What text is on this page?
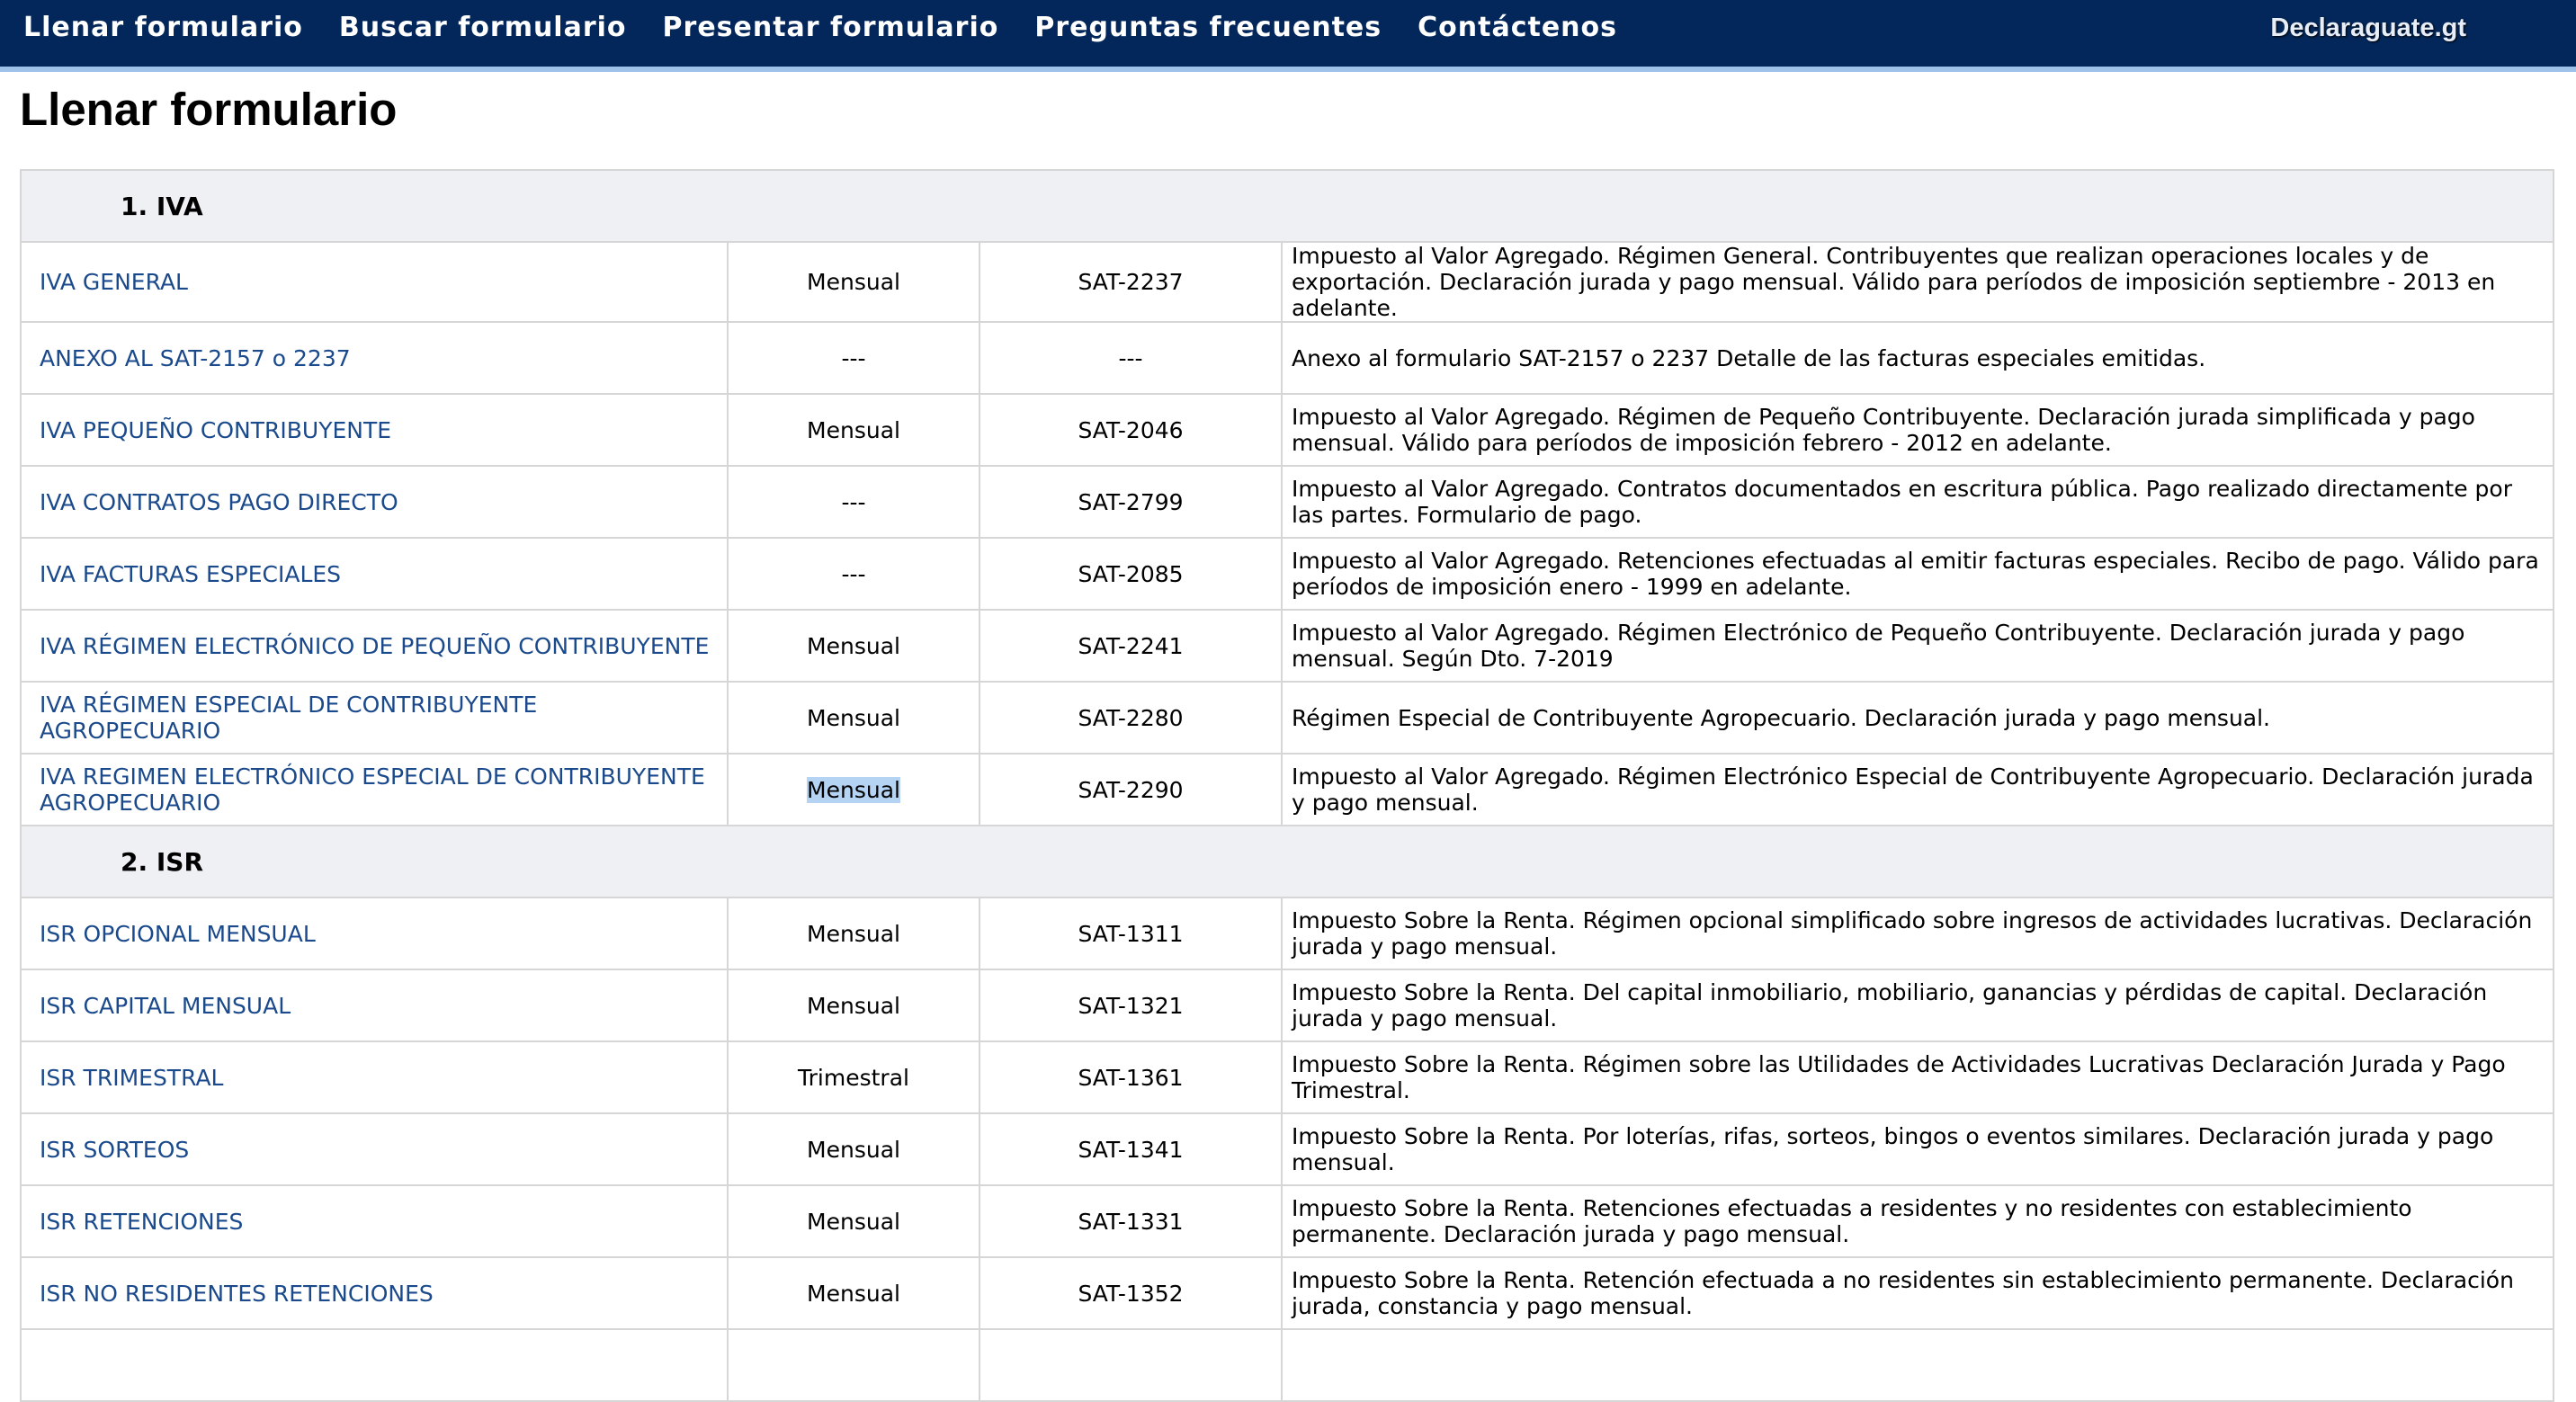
Llenar formulario Buscar formulario Presentar formulario Preguntas frecuentes Contáctenos	Declaraguate.gt
Llenar formulario
1. IVA			
IVA GENERAL	Mensual	SAT-2237	Impuesto al Valor Agregado. Régimen General. Contribuyentes que realizan operaciones locales y de exportación. Declaración jurada y pago mensual. Válido para períodos de imposición septiembre - 2013 en adelante.
ANEXO AL SAT-2157 o 2237	---	---	Anexo al formulario SAT-2157 o 2237 Detalle de las facturas especiales emitidas.
IVA PEQUEÑO CONTRIBUYENTE	Mensual	SAT-2046	Impuesto al Valor Agregado. Régimen de Pequeño Contribuyente. Declaración jurada simplificada y pago mensual. Válido para períodos de imposición febrero - 2012 en adelante.
IVA CONTRATOS PAGO DIRECTO	---	SAT-2799	Impuesto al Valor Agregado. Contratos documentados en escritura pública. Pago realizado directamente por las partes. Formulario de pago.
IVA FACTURAS ESPECIALES	---	SAT-2085	Impuesto al Valor Agregado. Retenciones efectuadas al emitir facturas especiales. Recibo de pago. Válido para períodos de imposición enero - 1999 en adelante.
IVA RÉGIMEN ELECTRÓNICO DE PEQUEÑO CONTRIBUYENTE	Mensual	SAT-2241	Impuesto al Valor Agregado. Régimen Electrónico de Pequeño Contribuyente. Declaración jurada y pago mensual. Según Dto. 7-2019
IVA RÉGIMEN ESPECIAL DE CONTRIBUYENTE AGROPECUARIO	Mensual	SAT-2280	Régimen Especial de Contribuyente Agropecuario. Declaración jurada y pago mensual.
IVA REGIMEN ELECTRÓNICO ESPECIAL DE CONTRIBUYENTE AGROPECUARIO	Mensual	SAT-2290	Impuesto al Valor Agregado. Régimen Electrónico Especial de Contribuyente Agropecuario. Declaración jurada y pago mensual.
2. ISR			
ISR OPCIONAL MENSUAL	Mensual	SAT-1311	Impuesto Sobre la Renta. Régimen opcional simplificado sobre ingresos de actividades lucrativas. Declaración jurada y pago mensual.
ISR CAPITAL MENSUAL	Mensual	SAT-1321	Impuesto Sobre la Renta. Del capital inmobiliario, mobiliario, ganancias y pérdidas de capital. Declaración jurada y pago mensual.
ISR TRIMESTRAL	Trimestral	SAT-1361	Impuesto Sobre la Renta. Régimen sobre las Utilidades de Actividades Lucrativas Declaración Jurada y Pago Trimestral.
ISR SORTEOS	Mensual	SAT-1341	Impuesto Sobre la Renta. Por loterías, rifas, sorteos, bingos o eventos similares. Declaración jurada y pago mensual.
ISR RETENCIONES	Mensual	SAT-1331	Impuesto Sobre la Renta. Retenciones efectuadas a residentes y no residentes con establecimiento permanente. Declaración jurada y pago mensual.
ISR NO RESIDENTES RETENCIONES	Mensual	SAT-1352	Impuesto Sobre la Renta. Retención efectuada a no residentes sin establecimiento permanente. Declaración jurada, constancia y pago mensual.
